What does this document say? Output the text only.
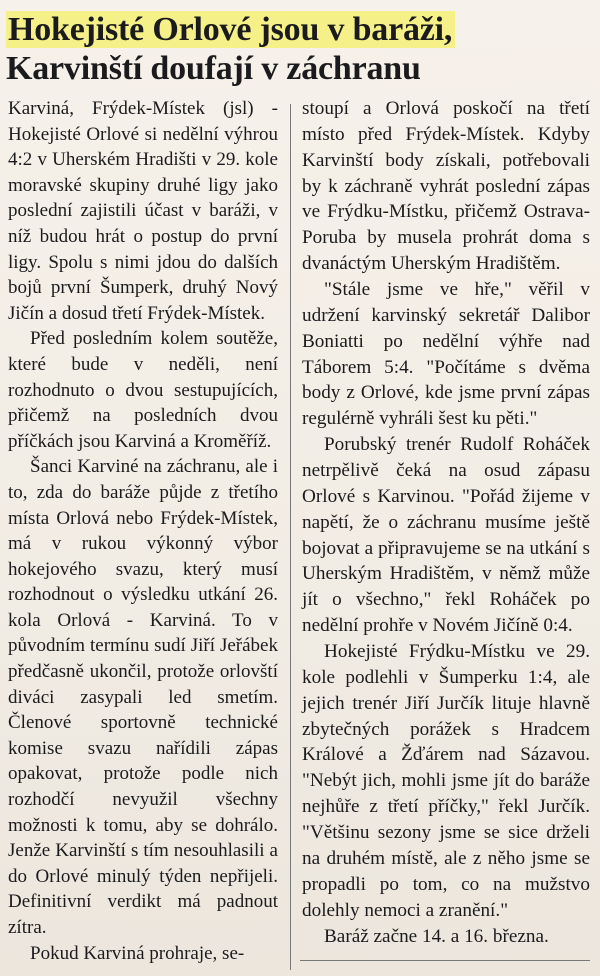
Hokejisté Orlové jsou v baráži,
Karvinští doufají v záchranu

Karviná, Frýdek-Místek (jsl) - Hokejisté Orlové si nedělní výhrou 4:2 v Uherském Hradišti v 29. kole moravské skupiny druhé ligy jako poslední zajistili účast v baráži, v níž budou hrát o postup do první ligy. Spolu s nimi jdou do dalších bojů první Šumperk, druhý Nový Jičín a dosud třetí Frýdek-Místek.

Před posledním kolem soutěže, které bude v neděli, není rozhodnuto o dvou sestupujících, přičemž na posledních dvou příčkách jsou Karviná a Kroměříž.

Šanci Karviné na záchranu, ale i to, zda do baráže půjde z třetího místa Orlová nebo Frýdek-Místek, má v rukou výkonný výbor hokejového svazu, který musí rozhodnout o výsledku utkání 26. kola Orlová - Karviná. To v původním termínu sudí Jiří Jeřábek předčasně ukončil, protože orlovští diváci zasypali led smetím. Členové sportovně technické komise svazu nařídili zápas opakovat, protože podle nich rozhodčí nevyužil všechny možnosti k tomu, aby se dohrálo. Jenže Karvinští s tím nesouhlasili a do Orlové minulý týden nepřijeli. Definitivní verdikt má padnout zítra.

Pokud Karviná prohraje, se-

stoupí a Orlová poskočí na třetí místo před Frýdek-Místek. Kdyby Karvinští body získali, potřebovali by k záchraně vyhrát poslední zápas ve Frýdku-Místku, přičemž Ostrava-Poruba by musela prohrát doma s dvanáctým Uherským Hradištěm.

"Stále jsme ve hře," věřil v udržení karvinský sekretář Dalibor Boniatti po nedělní výhře nad Táborem 5:4. "Počítáme s dvěma body z Orlové, kde jsme první zápas regulérně vyhráli šest ku pěti."

Porubský trenér Rudolf Roháček netrpělivě čeká na osud zápasu Orlové s Karvinou. "Pořád žijeme v napětí, že o záchranu musíme ještě bojovat a připravujeme se na utkání s Uherským Hradištěm, v němž může jít o všechno," řekl Roháček po nedělní prohře v Novém Jičíně 0:4.

Hokejisté Frýdku-Místku ve 29. kole podlehli v Šumperku 1:4, ale jejich trenér Jiří Jurčík lituje hlavně zbytečných porážek s Hradcem Králové a Žďárem nad Sázavou. "Nebýt jich, mohli jsme jít do baráže nejhůře z třetí příčky," řekl Jurčík. "Většinu sezony jsme se sice drželi na druhém místě, ale z něho jsme se propadli po tom, co na mužstvo dolehly nemoci a zranění."

Baráž začne 14. a 16. března.
